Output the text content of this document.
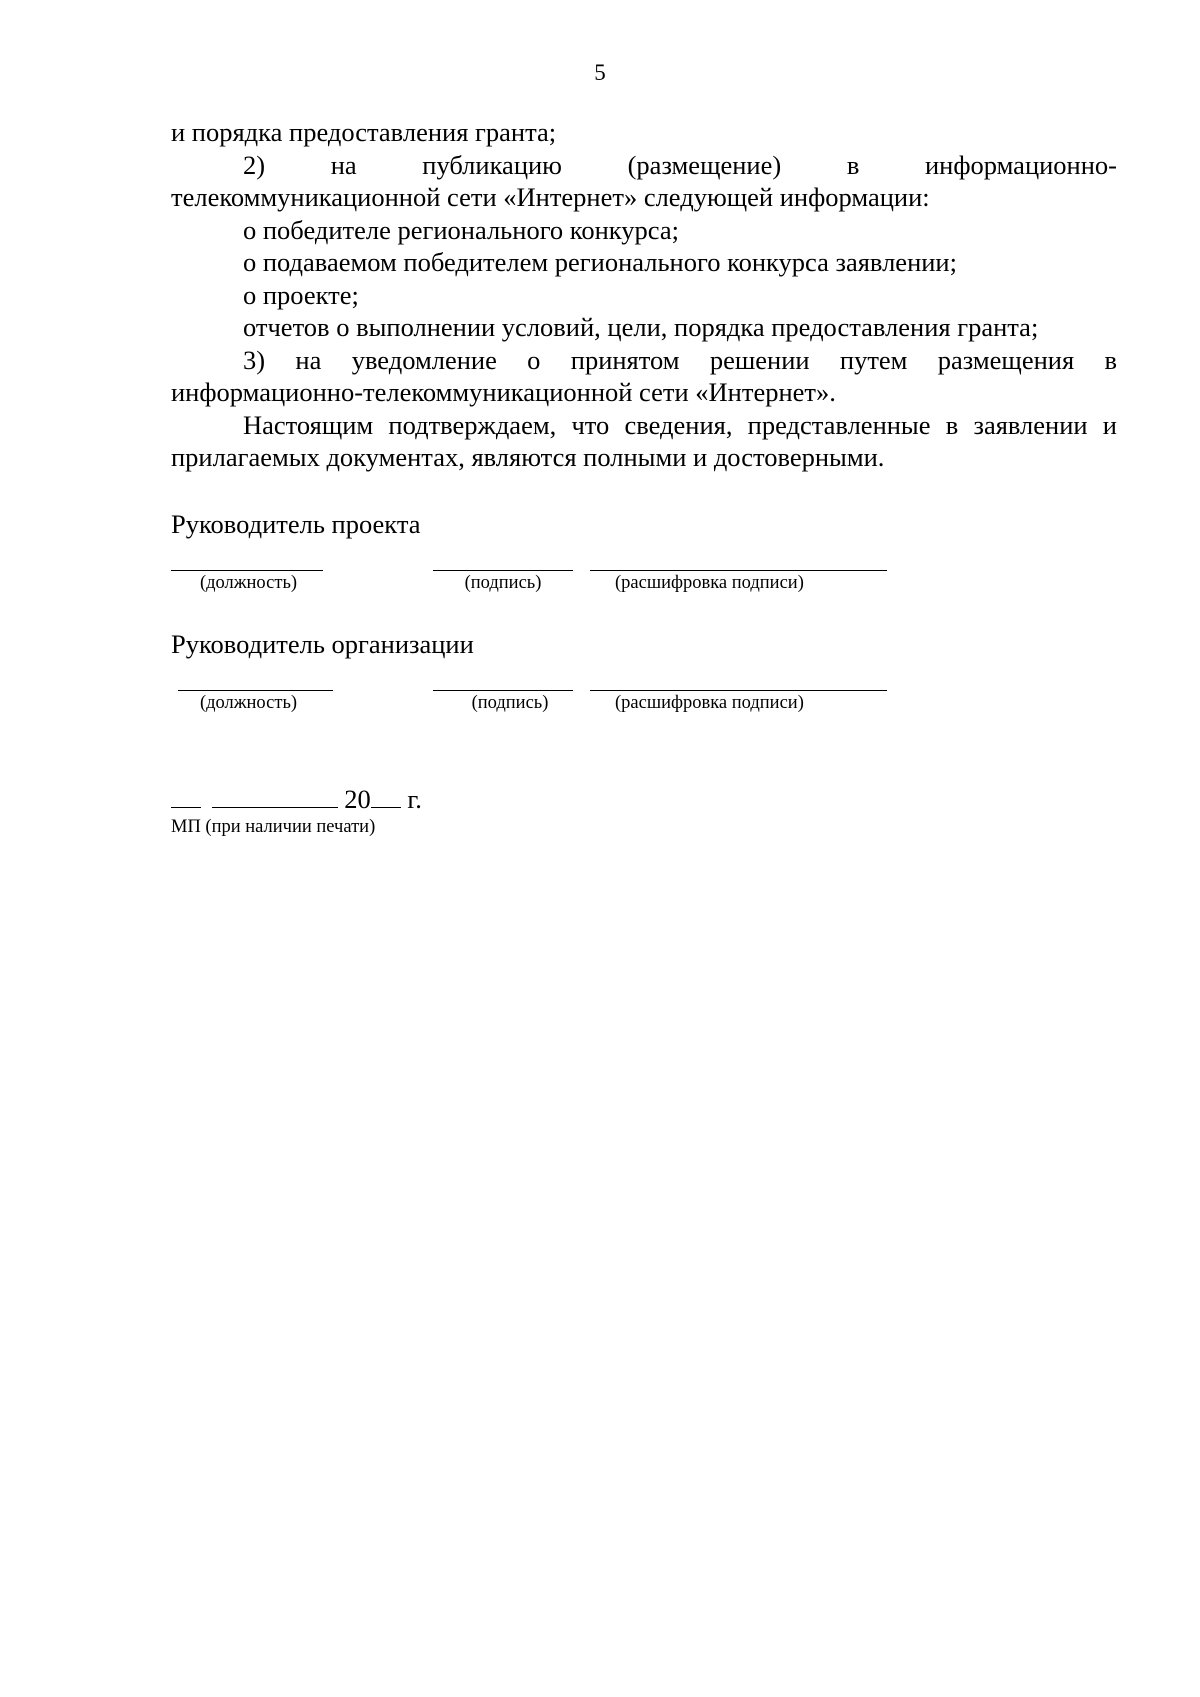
5

и порядка предоставления гранта;

2) на публикацию (размещение) в информационно-

телекоммуникационной сети «Интернет» следующей информации:

о победителе регионального конкурса;

о подаваемом победителем регионального конкурса заявлении;

о проекте;

отчетов о выполнении условий, цели, порядка предоставления гранта;

3) на уведомление о принятом решении путем размещения в

информационно-телекоммуникационной сети «Интернет».

Настоящим подтверждаем, что сведения, представленные в заявлении и

прилагаемых документах, являются полными и достоверными.

Руководитель проекта
(должность)	(подпись)	(расшифровка подписи)
Руководитель организации
(должность)	(подпись)	(расшифровка подписи)
20 г.
МП (при наличии печати)
